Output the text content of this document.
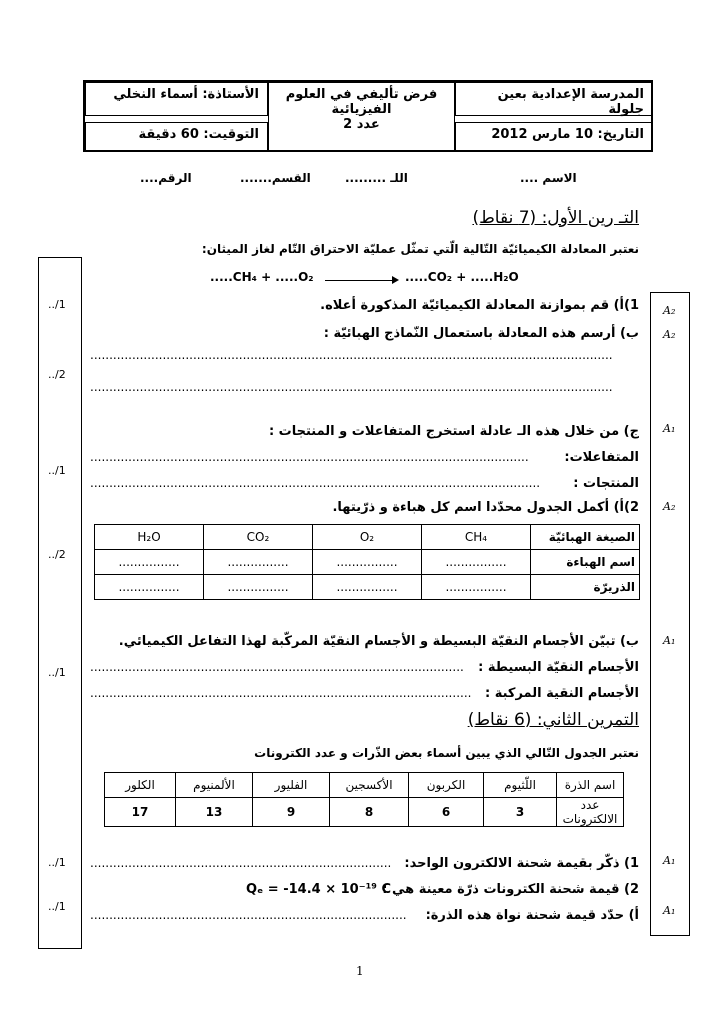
المدرسة الإعدادية بعين جلولة
فرض تأليفي في العلوم الفيزيائية
عدد 2
الأستاذة: أسماء النخلي
التاريخ: 10 مارس 2012
التوقيت: 60 دقيقة
الاسم ....
اللـ .........
القسم.......
الرقم....
التـ رين الأول: (7 نقاط)
نعتبر المعادلة الكيميائيّة التّالية الّتي تمثّل عمليّة الاحتراق التّام لغاز الميثان:
.....CH₄ + .....O₂	.....CO₂ + .....H₂O
1)أ) قم بموازنة المعادلة الكيميائيّة المذكورة أعلاه.
ب) أرسم هذه المعادلة باستعمال النّماذج الهبائيّة :
.........................................................................................................................................
.........................................................................................................................................
ج) من خلال هذه الـ عادلة استخرج المتفاعلات و المنتجات :
المتفاعلات:
...................................................................................................................
المنتجات :
......................................................................................................................
2)أ) أكمل الجدول محدّدا اسم كل هباءة و ذرّيتها.
H₂O	CO₂	O₂	CH₄	الصيغة الهبائيّة
................	................	................	................	اسم الهباءة
................	................	................	................	الذريرّة
ب) تبيّن الأجسام النقيّة البسيطة و الأجسام النقيّة المركّبة لهذا التفاعل الكيميائي.
الأجسام النقيّة البسيطة :
..................................................................................................
الأجسام النقية المركبة :
....................................................................................................
التمرين الثاني: (6 نقاط)
نعتبر الجدول التّالي الذي يبين أسماء بعض الذّرات و عدد الكترونات
الكلور	الألمنيوم	الفليور	الأكسجين	الكربون	اللّثيوم	اسم الذرة
17	13	9	8	6	3	عدد الالكترونات
1) ذكّر بقيمة شحنة الالكترون الواحد:
...............................................................................
2) قيمة شحنة الكترونات ذرّة معينة هي :
Qₑ = -14.4 × 10⁻¹⁹ C
أ) حدّد قيمة شحنة نواة هذه الذرة:
...................................................................................
../1
../2
../1
../2
../1
../1
../1
A₂
A₂
A₁
A₂
A₁
A₁
A₁
1
